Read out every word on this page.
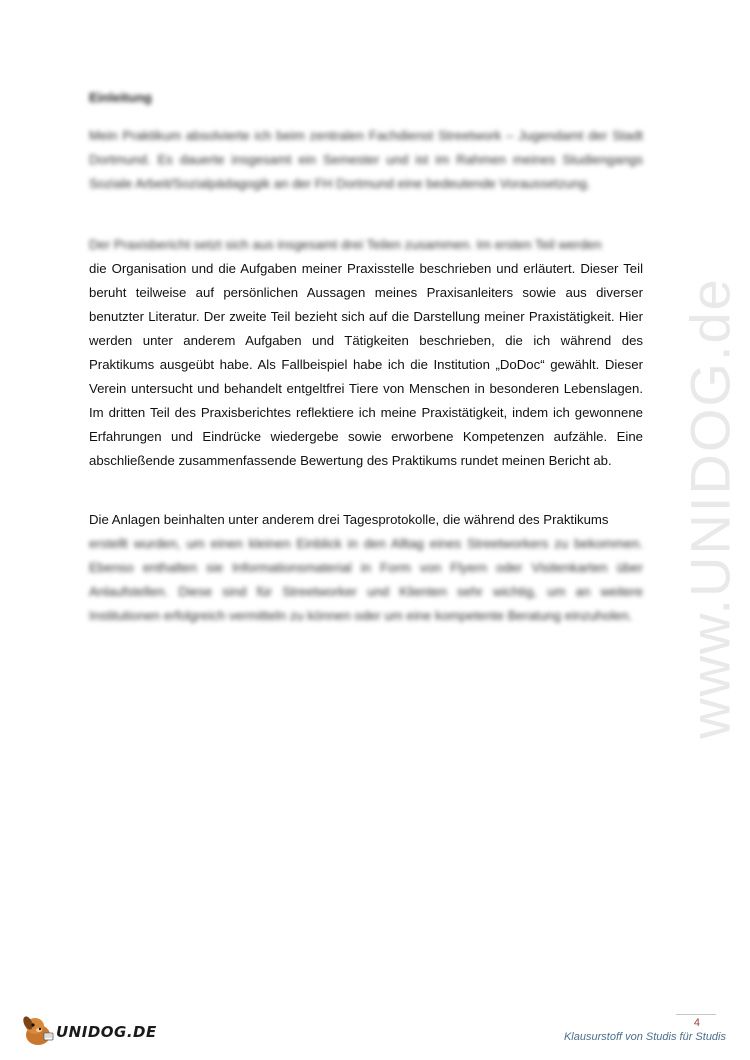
www.UNIDOG.de
Einleitung

Mein Praktikum absolvierte ich beim zentralen Fachdienst Streetwork – Jugendamt der Stadt Dortmund. Es dauerte insgesamt ein Semester und ist im Rahmen meines Studiengangs Soziale Arbeit/Sozialpädagogik an der FH Dortmund eine bedeutende Voraussetzung.

Der Praxisbericht setzt sich aus insgesamt drei Teilen zusammen. Im ersten Teil werden

die Organisation und die Aufgaben meiner Praxisstelle beschrieben und erläutert. Dieser Teil beruht teilweise auf persönlichen Aussagen meines Praxisanleiters sowie aus diverser benutzter Literatur. Der zweite Teil bezieht sich auf die Darstellung meiner Praxistätigkeit. Hier werden unter anderem Aufgaben und Tätigkeiten beschrieben, die ich während des Praktikums ausgeübt habe. Als Fallbeispiel habe ich die Institution „DoDoc“ gewählt. Dieser Verein untersucht und behandelt entgeltfrei Tiere von Menschen in besonderen Lebenslagen. Im dritten Teil des Praxisberichtes reflektiere ich meine Praxistätigkeit, indem ich gewonnene Erfahrungen und Eindrücke wiedergebe sowie erworbene Kompetenzen aufzähle. Eine abschließende zusammenfassende Bewertung des Praktikums rundet meinen Bericht ab.

Die Anlagen beinhalten unter anderem drei Tagesprotokolle, die während des Praktikums

erstellt wurden, um einen kleinen Einblick in den Alltag eines Streetworkers zu bekommen. Ebenso enthalten sie Informationsmaterial in Form von Flyern oder Visitenkarten über Anlaufstellen. Diese sind für Streetworker und Klienten sehr wichtig, um an weitere Institutionen erfolgreich vermitteln zu können oder um eine kompetente Beratung einzuholen.

4
Klausurstoff von Studis für Studis
UNIDOG.DE
